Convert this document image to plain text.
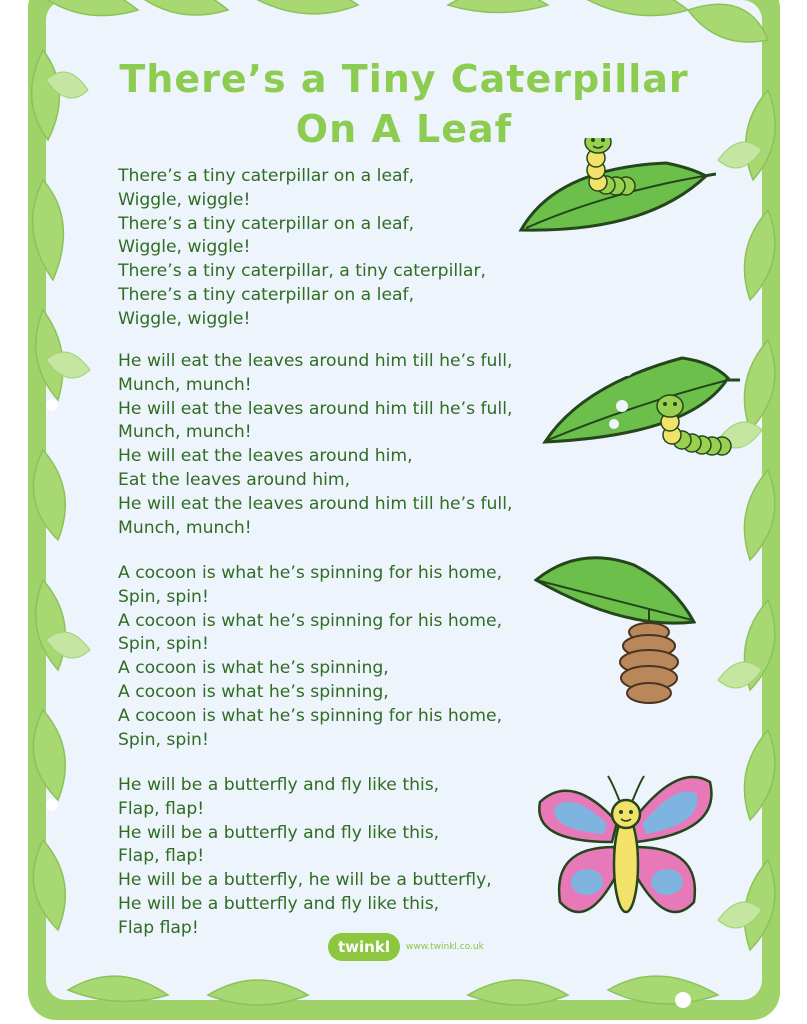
There’s a Tiny Caterpillar
On A Leaf
There’s a tiny caterpillar on a leaf,
Wiggle, wiggle!
There’s a tiny caterpillar on a leaf,
Wiggle, wiggle!
There’s a tiny caterpillar, a tiny caterpillar,
There’s a tiny caterpillar on a leaf,
Wiggle, wiggle!
He will eat the leaves around him till he’s full,
Munch, munch!
He will eat the leaves around him till he’s full,
Munch, munch!
He will eat the leaves around him,
Eat the leaves around him,
He will eat the leaves around him till he’s full,
Munch, munch!
A cocoon is what he’s spinning for his home,
Spin, spin!
A cocoon is what he’s spinning for his home,
Spin, spin!
A cocoon is what he’s spinning,
A cocoon is what he’s spinning,
A cocoon is what he’s spinning for his home,
Spin, spin!
He will be a butterfly and fly like this,
Flap, flap!
He will be a butterfly and fly like this,
Flap, flap!
He will be a butterfly, he will be a butterfly,
He will be a butterfly and fly like this,
Flap flap!
twinkl	www.twinkl.co.uk
